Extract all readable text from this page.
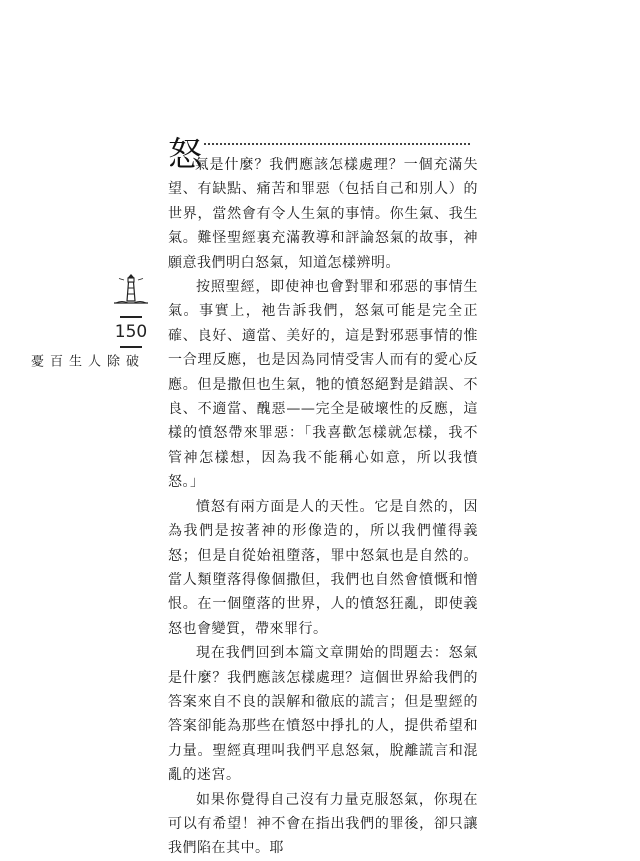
150
破除人生百憂
怒

氣是什麼？我們應該怎樣處理？一個充滿失望、有缺點、痛苦和罪惡（包括自己和別人）的世界，當然會有令人生氣的事情。你生氣、我生氣。難怪聖經裏充滿教導和評論怒氣的故事，神願意我們明白怒氣，知道怎樣辨明。

按照聖經，即使神也會對罪和邪惡的事情生氣。事實上，祂告訴我們，怒氣可能是完全正確、良好、適當、美好的，這是對邪惡事情的惟一合理反應，也是因為同情受害人而有的愛心反應。但是撒但也生氣，牠的憤怒絕對是錯誤、不良、不適當、醜惡——完全是破壞性的反應，這樣的憤怒帶來罪惡：「我喜歡怎樣就怎樣，我不管神怎樣想，因為我不能稱心如意，所以我憤怒。」

憤怒有兩方面是人的天性。它是自然的，因為我們是按著神的形像造的，所以我們懂得義怒；但是自從始祖墮落，罪中怒氣也是自然的。當人類墮落得像個撒但，我們也自然會憤慨和憎恨。在一個墮落的世界，人的憤怒狂亂，即使義怒也會變質，帶來罪行。

現在我們回到本篇文章開始的問題去：怒氣是什麼？我們應該怎樣處理？這個世界給我們的答案來自不良的誤解和徹底的謊言；但是聖經的答案卻能為那些在憤怒中掙扎的人，提供希望和力量。聖經真理叫我們平息怒氣，脫離謊言和混亂的迷宮。

如果你覺得自己沒有力量克服怒氣，你現在可以有希望！神不會在指出我們的罪後，卻只讓我們陷在其中。耶
